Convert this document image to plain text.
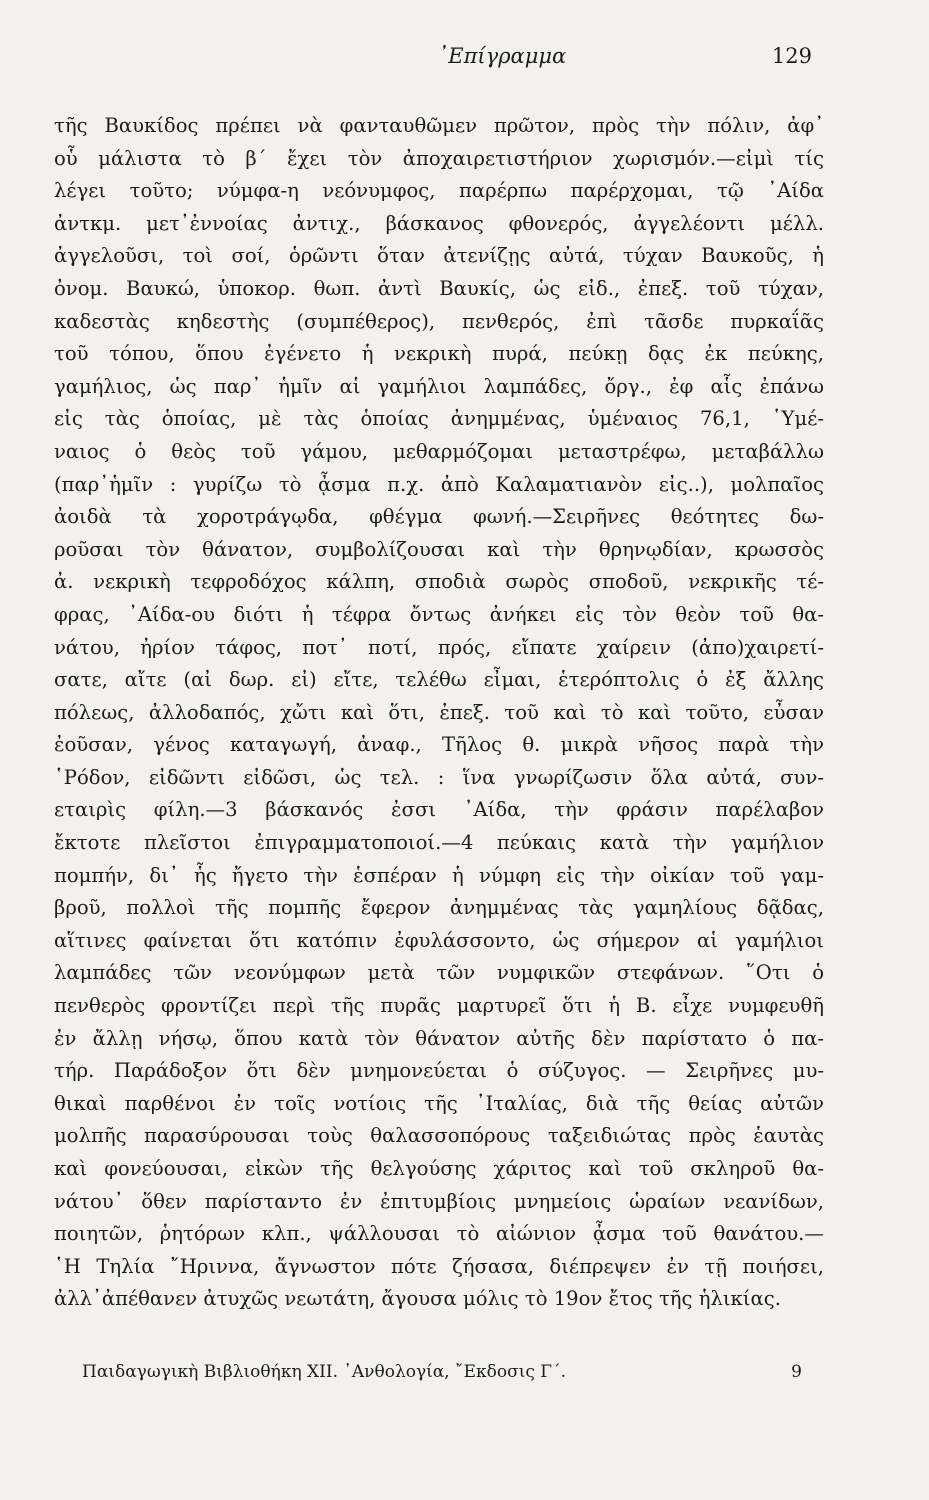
᾿Επίγραμμα	129
τῆς Βαυκίδος πρέπει νὰ φανταυθῶμεν πρῶτον, πρὸς τὴν πόλιν, ἀφ᾽
οὗ μάλιστα τὸ β΄ ἔχει τὸν ἀποχαιρετιστήριον χωρισμόν.—εἰμὶ τίς
λέγει τοῦτο; νύμφα-η νεόνυμφος, παρέρπω παρέρχομαι, τῷ ᾿Αίδα
ἀντκμ. μετ᾽ἐννοίας ἀντιχ., βάσκανος φθονερός, ἀγγελέοντι μέλλ.
ἀγγελοῦσι, τοὶ σοί, ὁρῶντι ὅταν ἀτενίζῃς αὐτά, τύχαν Βαυκοῦς, ἡ
ὀνομ. Βαυκώ, ὑποκορ. θωπ. ἀντὶ Βαυκίς, ὡς εἰδ., ἐπεξ. τοῦ τύχαν,
καδεστὰς κηδεστὴς (συμπέθερος), πενθερός, ἐπὶ τᾶσδε πυρκαΐᾶς
τοῦ τόπου, ὅπου ἐγένετο ἡ νεκρικὴ πυρά, πεύκῃ δᾳς ἐκ πεύκης,
γαμήλιος, ὡς παρ᾽ ἡμῖν αἱ γαμήλιοι λαμπάδες, ὄργ., ἐφ αἷς ἐπάνω
εἰς τὰς ὁποίας, μὲ τὰς ὁποίας ἀνημμένας, ὑμέναιος 76,1, ῾Υμέ-
ναιος ὁ θεὸς τοῦ γάμου, μεθαρμόζομαι μεταστρέφω, μεταβάλλω
(παρ᾽ἡμῖν : γυρίζω τὸ ᾆσμα π.χ. ἀπὸ Καλαματιανὸν εἰς..), μολπαῖος
ἀοιδὰ τὰ χοροτράγῳδα, φθέγμα φωνή.—Σειρῆνες θεότητες δω-
ροῦσαι τὸν θάνατον, συμβολίζουσαι καὶ τὴν θρηνῳδίαν, κρωσσὸς
ἀ. νεκρικὴ τεφροδόχος κάλπη, σποδιὰ σωρὸς σποδοῦ, νεκρικῆς τέ-
φρας, ᾿Αίδα-ου διότι ἡ τέφρα ὄντως ἀνήκει εἰς τὸν θεὸν τοῦ θα-
νάτου, ἠρίον τάφος, ποτ᾽ ποτί, πρός, εἴπατε χαίρειν (ἀπο)χαιρετί-
σατε, αἴτε (αἰ δωρ. εἰ) εἴτε, τελέθω εἶμαι, ἑτερόπτολις ὁ ἐξ ἄλλης
πόλεως, ἀλλοδαπός, χὤτι καὶ ὅτι, ἐπεξ. τοῦ καὶ τὸ καὶ τοῦτο, εὖσαν
ἐοῦσαν, γένος καταγωγή, ἀναφ., Τῆλος θ. μικρὰ νῆσος παρὰ τὴν
῾Ρόδον, εἰδῶντι εἰδῶσι, ὡς τελ. : ἵνα γνωρίζωσιν ὅλα αὐτά, συν-
εταιρὶς φίλη.—3 βάσκανός ἐσσι ᾿Αίδα, τὴν φράσιν παρέλαβον
ἔκτοτε πλεῖστοι ἐπιγραμματοποιοί.—4 πεύκαις κατὰ τὴν γαμήλιον
πομπήν, δι᾽ ἧς ἤγετο τὴν ἑσπέραν ἡ νύμφη εἰς τὴν οἰκίαν τοῦ γαμ-
βροῦ, πολλοὶ τῆς πομπῆς ἔφερον ἀνημμένας τὰς γαμηλίους δᾷδας,
αἵτινες φαίνεται ὅτι κατόπιν ἐφυλάσσοντο, ὡς σήμερον αἱ γαμήλιοι
λαμπάδες τῶν νεονύμφων μετὰ τῶν νυμφικῶν στεφάνων. ῞Οτι ὁ
πενθερὸς φροντίζει περὶ τῆς πυρᾶς μαρτυρεῖ ὅτι ἡ Β. εἶχε νυμφευθῆ
ἐν ἄλλῃ νήσῳ, ὅπου κατὰ τὸν θάνατον αὐτῆς δὲν παρίστατο ὁ πα-
τήρ. Παράδοξον ὅτι δὲν μνημονεύεται ὁ σύζυγος. — Σειρῆνες μυ-
θικαὶ παρθένοι ἐν τοῖς νοτίοις τῆς ᾿Ιταλίας, διὰ τῆς θείας αὐτῶν
μολπῆς παρασύρουσαι τοὺς θαλασσοπόρους ταξειδιώτας πρὸς ἑαυτὰς
καὶ φονεύουσαι, εἰκὼν τῆς θελγούσης χάριτος καὶ τοῦ σκληροῦ θα-
νάτου᾽ ὅθεν παρίσταντο ἐν ἐπιτυμβίοις μνημείοις ὡραίων νεανίδων,
ποιητῶν, ῥητόρων κλπ., ψάλλουσαι τὸ αἰώνιον ᾆσμα τοῦ θανάτου.—
῾Η Τηλία ῎Ηριννα, ἄγνωστον πότε ζήσασα, διέπρεψεν ἐν τῇ ποιήσει,
ἀλλ᾽ἀπέθανεν ἀτυχῶς νεωτάτη, ἄγουσα μόλις τὸ 19ον ἔτος τῆς ἡλικίας.
Παιδαγωγικὴ Βιβλιοθήκη ΧΙΙ. ᾿Ανθολογία, ῎Εκδοσις Γ΄.	9
